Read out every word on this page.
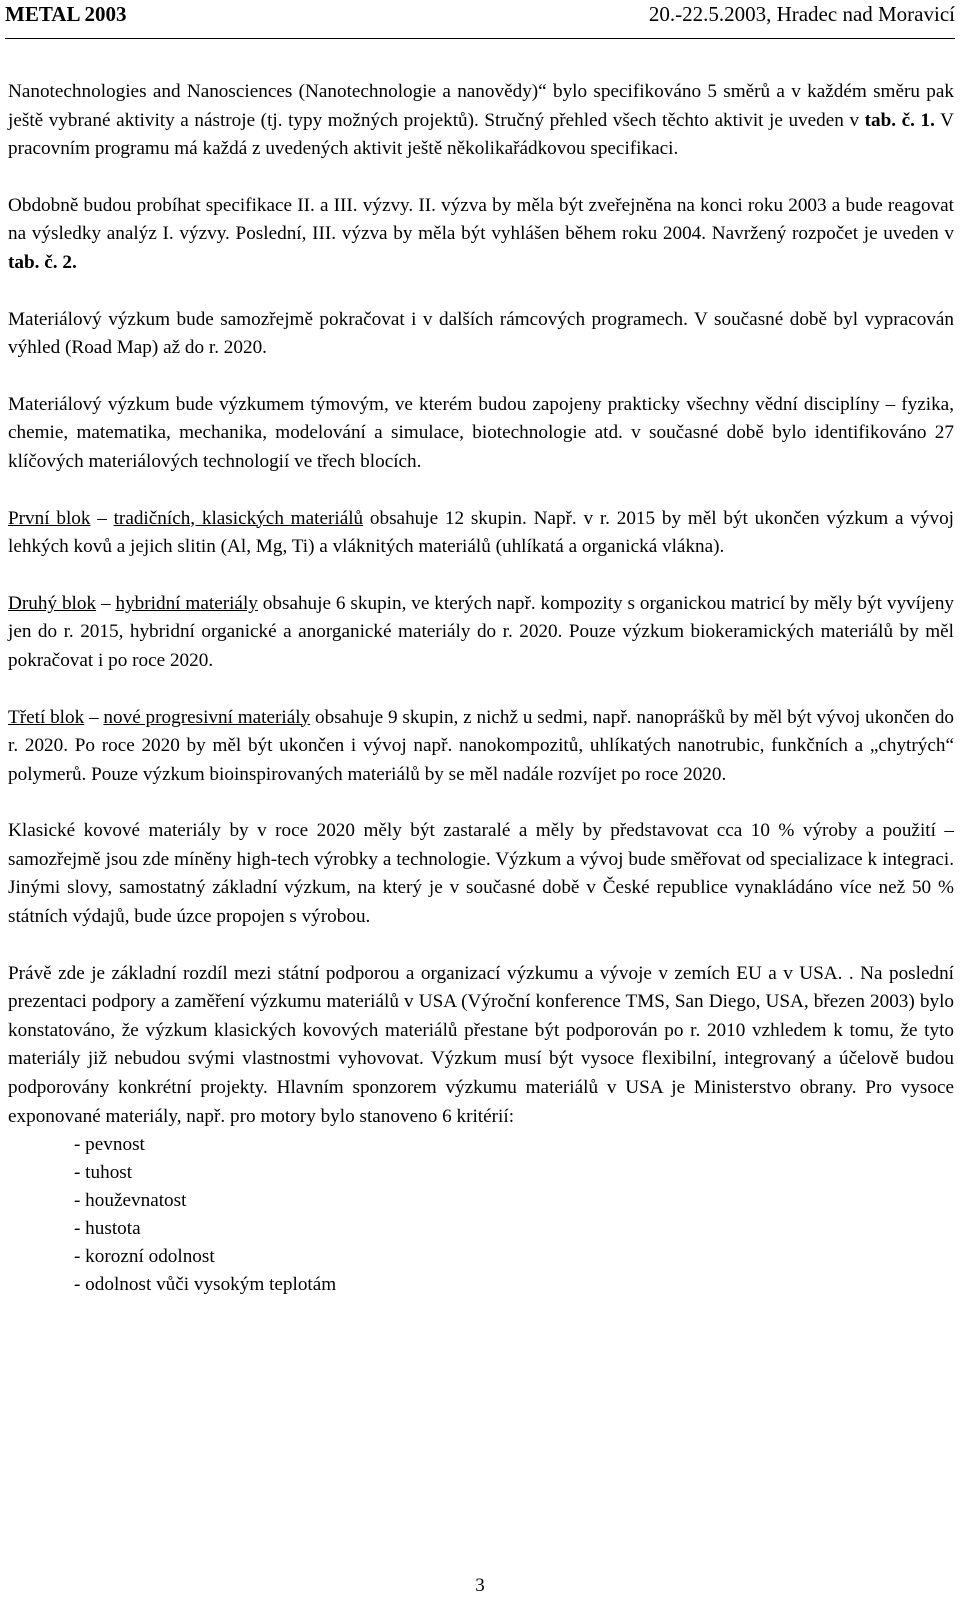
METAL 2003	20.-22.5.2003, Hradec nad Moravicí

Nanotechnologies and Nanosciences (Nanotechnologie a nanovědy)“ bylo specifikováno 5 směrů a v každém směru pak ještě vybrané aktivity a nástroje (tj. typy možných projektů). Stručný přehled všech těchto aktivit je uveden v tab. č. 1. V pracovním programu má každá z uvedených aktivit ještě několikařádkovou specifikaci.

Obdobně budou probíhat specifikace II. a III. výzvy. II. výzva by měla být zveřejněna na konci roku 2003 a bude reagovat na výsledky analýz I. výzvy. Poslední, III. výzva by měla být vyhlášen během roku 2004. Navržený rozpočet je uveden v tab. č. 2.

Materiálový výzkum bude samozřejmě pokračovat i v dalších rámcových programech. V současné době byl vypracován výhled (Road Map) až do r. 2020.

Materiálový výzkum bude výzkumem týmovým, ve kterém budou zapojeny prakticky všechny vědní disciplíny – fyzika, chemie, matematika, mechanika, modelování a simulace, biotechnologie atd. v současné době bylo identifikováno 27 klíčových materiálových technologií ve třech blocích.

První blok – tradičních, klasických materiálů obsahuje 12 skupin. Např. v r. 2015 by měl být ukončen výzkum a vývoj lehkých kovů a jejich slitin (Al, Mg, Ti) a vláknitých materiálů (uhlíkatá a organická vlákna).

Druhý blok – hybridní materiály obsahuje 6 skupin, ve kterých např. kompozity s organickou matricí by měly být vyvíjeny jen do r. 2015, hybridní organické a anorganické materiály do r. 2020. Pouze výzkum biokeramických materiálů by měl pokračovat i po roce 2020.

Třetí blok – nové progresivní materiály obsahuje 9 skupin, z nichž u sedmi, např. nanoprášků by měl být vývoj ukončen do r. 2020. Po roce 2020 by měl být ukončen i vývoj např. nanokompozitů, uhlíkatých nanotrubic, funkčních a „chytrých“ polymerů. Pouze výzkum bioinspirovaných materiálů by se měl nadále rozvíjet po roce 2020.

Klasické kovové materiály by v roce 2020 měly být zastaralé a měly by představovat cca 10 % výroby a použití – samozřejmě jsou zde míněny high-tech výrobky a technologie. Výzkum a vývoj bude směřovat od specializace k integraci. Jinými slovy, samostatný základní výzkum, na který je v současné době v České republice vynakládáno více než 50 % státních výdajů, bude úzce propojen s výrobou.

Právě zde je základní rozdíl mezi státní podporou a organizací výzkumu a vývoje v zemích EU a v USA. . Na poslední prezentaci podpory a zaměření výzkumu materiálů v USA (Výroční konference TMS, San Diego, USA, březen 2003) bylo konstatováno, že výzkum klasických kovových materiálů přestane být podporován po r. 2010 vzhledem k tomu, že tyto materiály již nebudou svými vlastnostmi vyhovovat. Výzkum musí být vysoce flexibilní, integrovaný a účelově budou podporovány konkrétní projekty. Hlavním sponzorem výzkumu materiálů v USA je Ministerstvo obrany. Pro vysoce exponované materiály, např. pro motory bylo stanoveno 6 kritérií:

- pevnost
- tuhost
- houževnatost
- hustota
- korozní odolnost
- odolnost vůči vysokým teplotám
3
